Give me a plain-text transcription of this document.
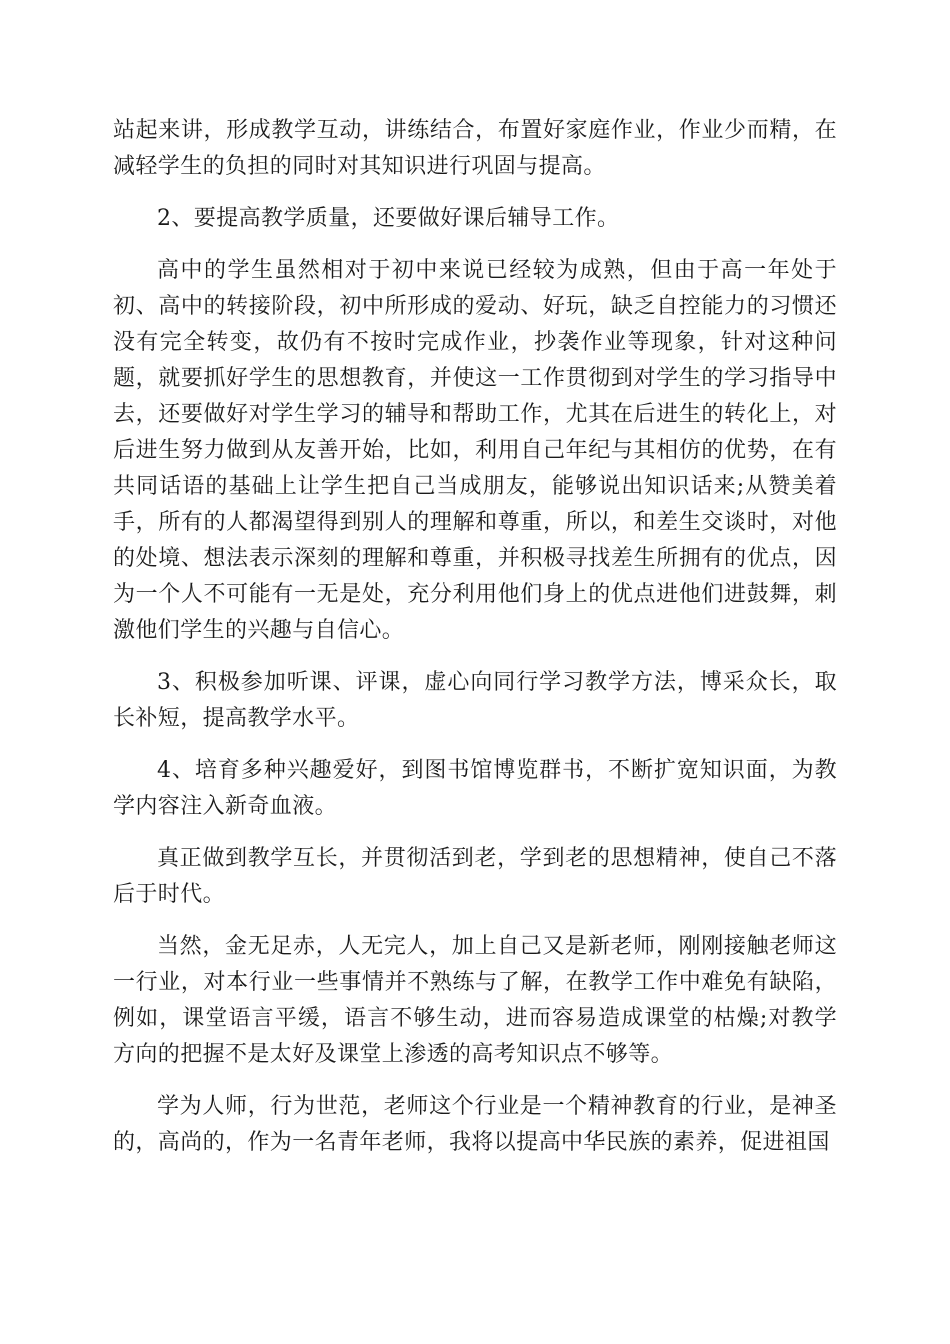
站起来讲，形成教学互动，讲练结合，布置好家庭作业，作业少而精，在减轻学生的负担的同时对其知识进行巩固与提高。

2、要提高教学质量，还要做好课后辅导工作。

高中的学生虽然相对于初中来说已经较为成熟，但由于高一年处于初、高中的转接阶段，初中所形成的爱动、好玩，缺乏自控能力的习惯还没有完全转变，故仍有不按时完成作业，抄袭作业等现象，针对这种问题，就要抓好学生的思想教育，并使这一工作贯彻到对学生的学习指导中去，还要做好对学生学习的辅导和帮助工作，尤其在后进生的转化上，对后进生努力做到从友善开始，比如，利用自己年纪与其相仿的优势，在有共同话语的基础上让学生把自己当成朋友，能够说出知识话来;从赞美着手，所有的人都渴望得到别人的理解和尊重，所以，和差生交谈时，对他的处境、想法表示深刻的理解和尊重，并积极寻找差生所拥有的优点，因为一个人不可能有一无是处，充分利用他们身上的优点进他们进鼓舞，刺激他们学生的兴趣与自信心。

3、积极参加听课、评课，虚心向同行学习教学方法，博采众长，取长补短，提高教学水平。

4、培育多种兴趣爱好，到图书馆博览群书，不断扩宽知识面，为教学内容注入新奇血液。

真正做到教学互长，并贯彻活到老，学到老的思想精神，使自己不落后于时代。

当然，金无足赤，人无完人，加上自己又是新老师，刚刚接触老师这一行业，对本行业一些事情并不熟练与了解，在教学工作中难免有缺陷，例如，课堂语言平缓，语言不够生动，进而容易造成课堂的枯燥;对教学方向的把握不是太好及课堂上渗透的高考知识点不够等。

学为人师，行为世范，老师这个行业是一个精神教育的行业，是神圣的，高尚的，作为一名青年老师，我将以提高中华民族的素养，促进祖国
